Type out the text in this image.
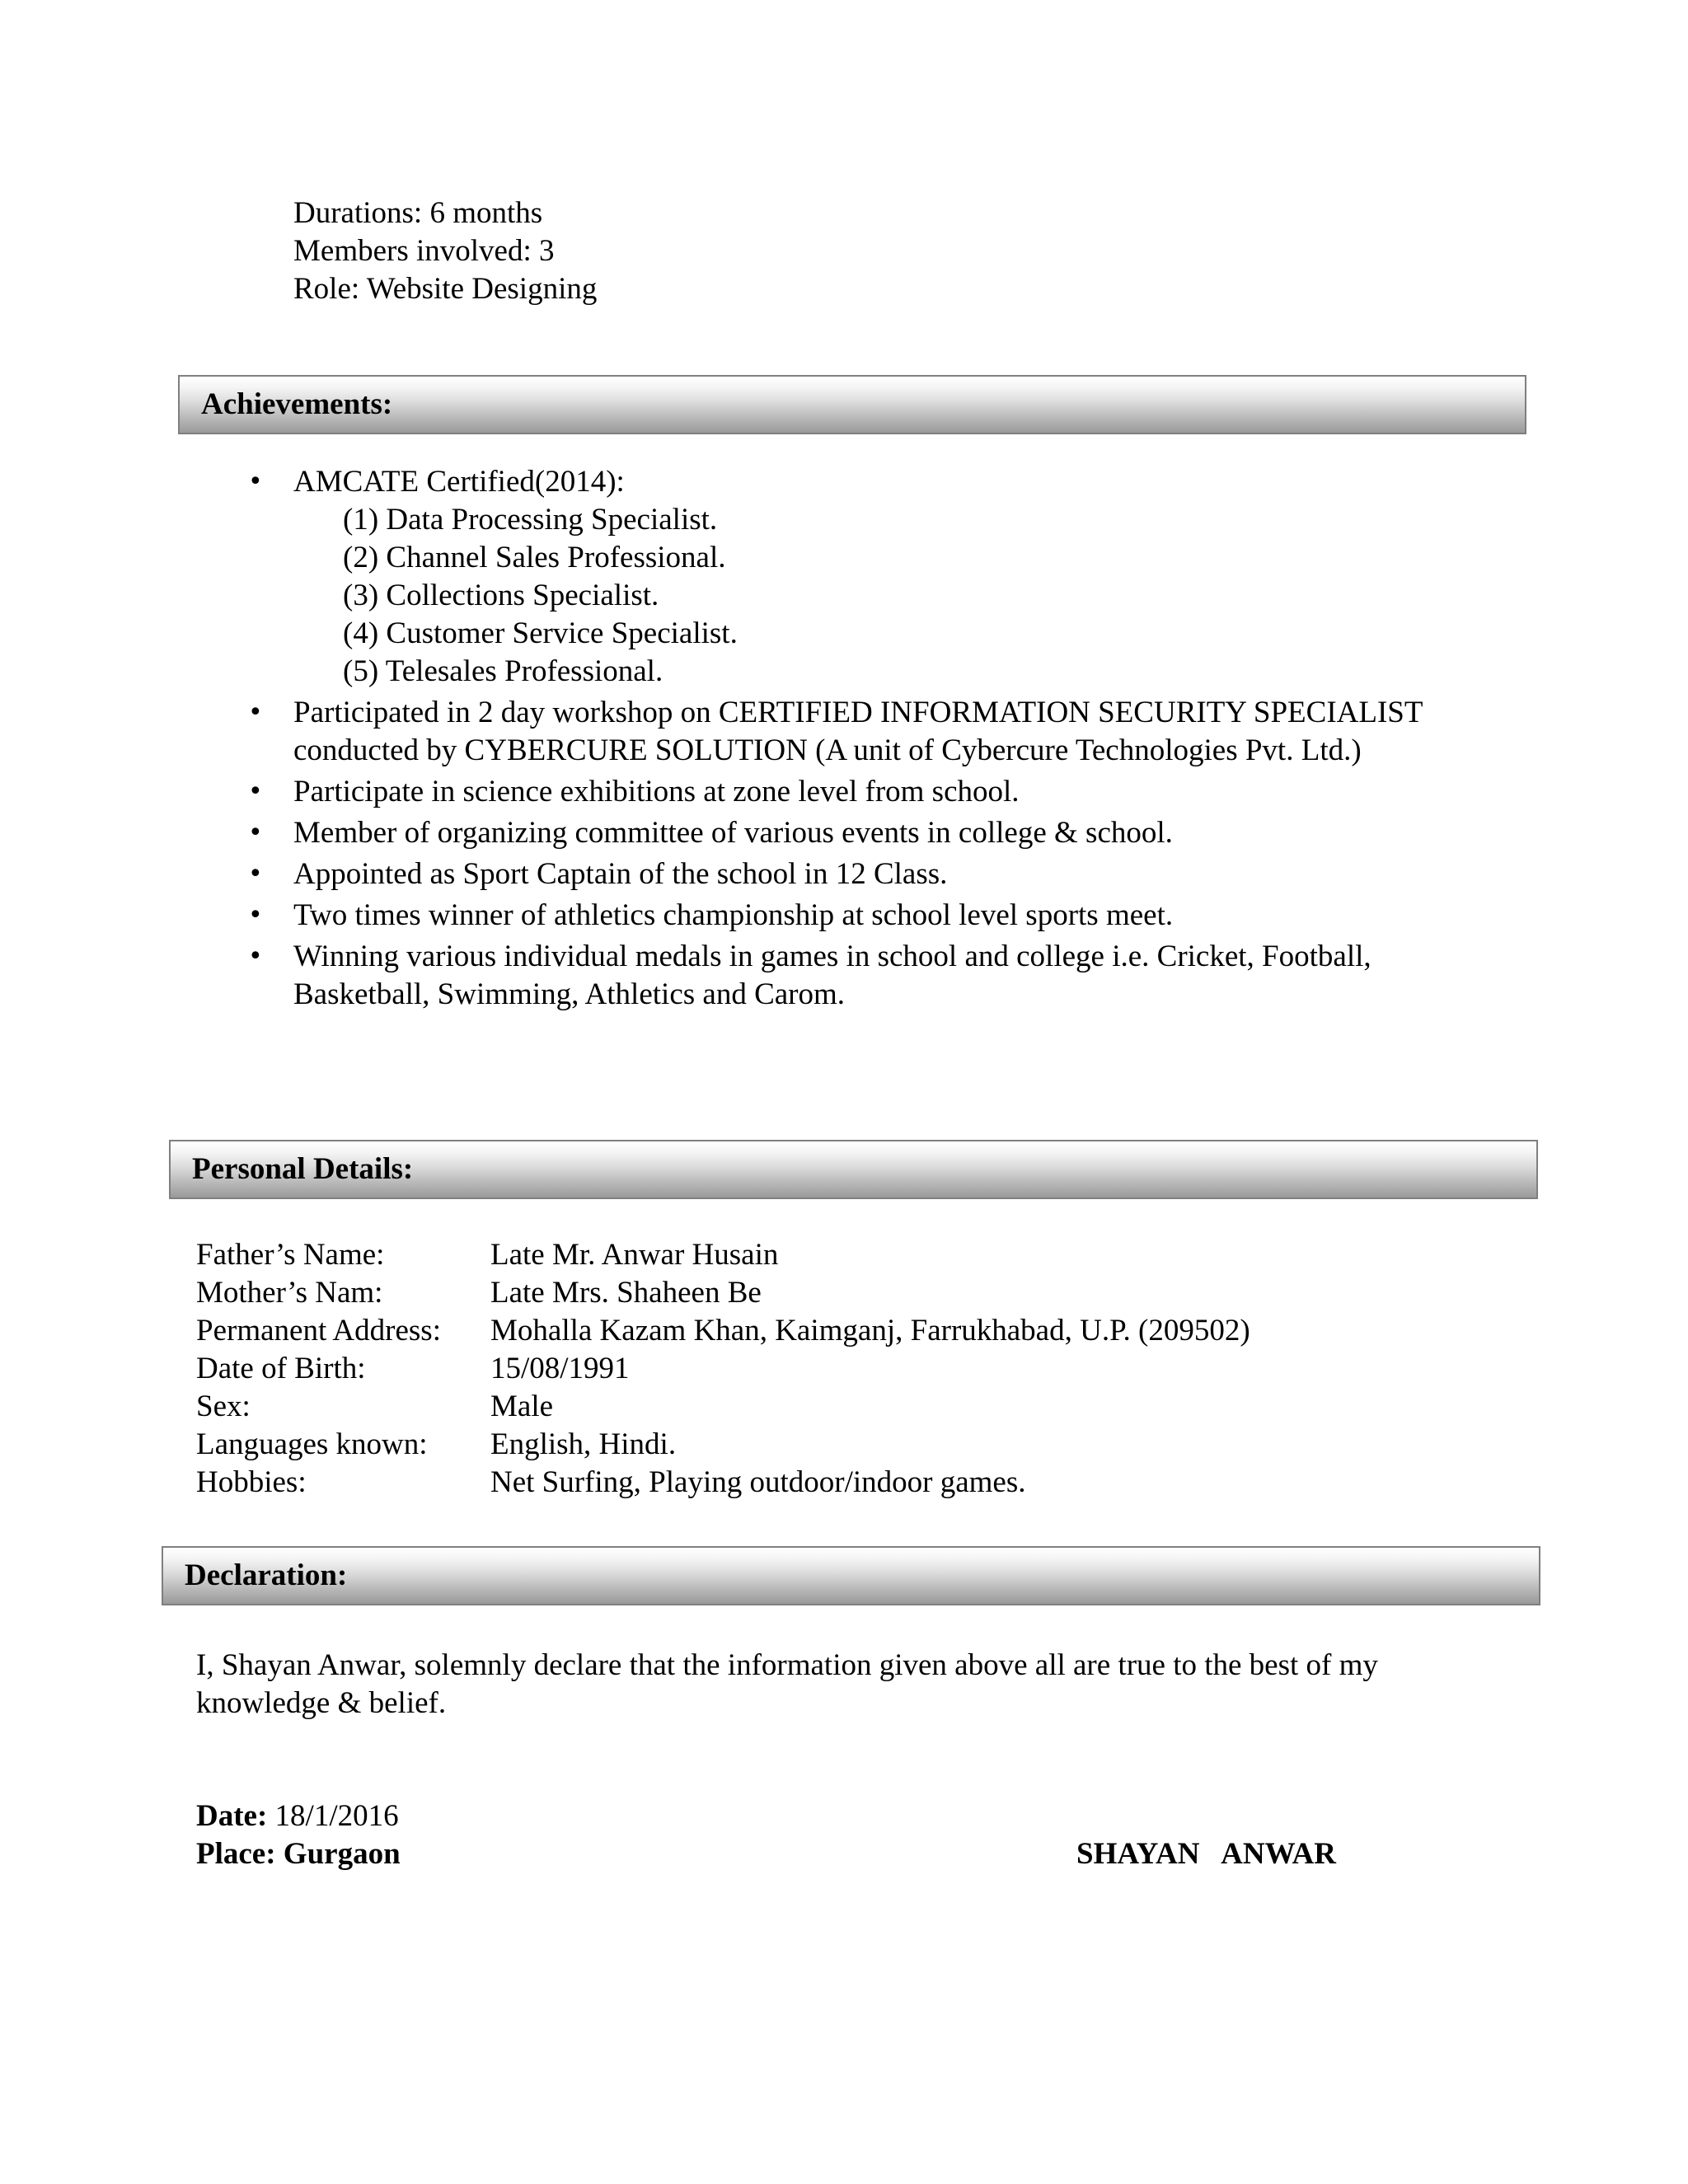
Durations: 6 months
Members involved: 3
Role: Website Designing
Achievements:
• AMCATE Certified(2014):
(1) Data Processing Specialist.
(2) Channel Sales Professional.
(3) Collections Specialist.
(4) Customer Service Specialist.
(5) Telesales Professional.
• Participated in 2 day workshop on CERTIFIED INFORMATION SECURITY SPECIALIST conducted by CYBERCURE SOLUTION (A unit of Cybercure Technologies Pvt. Ltd.)
• Participate in science exhibitions at zone level from school.
• Member of organizing committee of various events in college & school.
• Appointed as Sport Captain of the school in 12 Class.
• Two times winner of athletics championship at school level sports meet.
• Winning various individual medals in games in school and college i.e. Cricket, Football, Basketball, Swimming, Athletics and Carom.
Personal Details:
Father’s Name:	Late Mr. Anwar Husain
Mother’s Nam:	Late Mrs. Shaheen Be
Permanent Address: Mohalla Kazam Khan, Kaimganj, Farrukhabad, U.P. (209502)
Date of Birth:	15/08/1991
Sex:	Male
Languages known: English, Hindi.
Hobbies:	Net Surfing, Playing outdoor/indoor games.
Declaration:
I, Shayan Anwar, solemnly declare that the information given above all are true to the best of my knowledge & belief.
Date: 18/1/2016
Place: Gurgaon	SHAYAN   ANWAR
